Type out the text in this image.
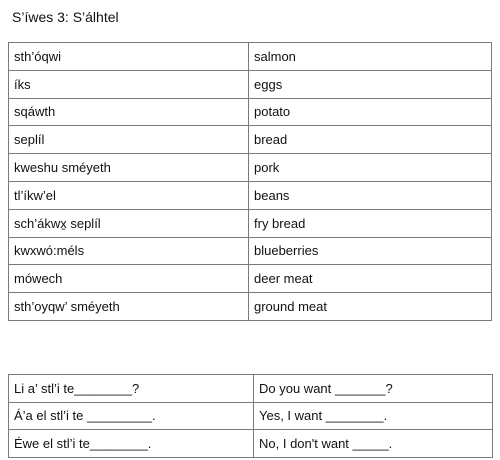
S’íwes 3: S’álhtel
sth’óqwi	salmon
íks	eggs
sqáwth	potato
seplíl	bread
kweshu sméyeth	pork
tl’íkw’el	beans
sch’ákwx̱ seplíl	fry bread
kwxwó:méls	blueberries
mówech	deer meat
sth’oyqw’ sméyeth	ground meat
Li a’ stl’i te________?	Do you want _______?
Á’a el stl’i te _________.	Yes, I want ________.
Éwe el stl’i te________.	No, I don't want _____.
